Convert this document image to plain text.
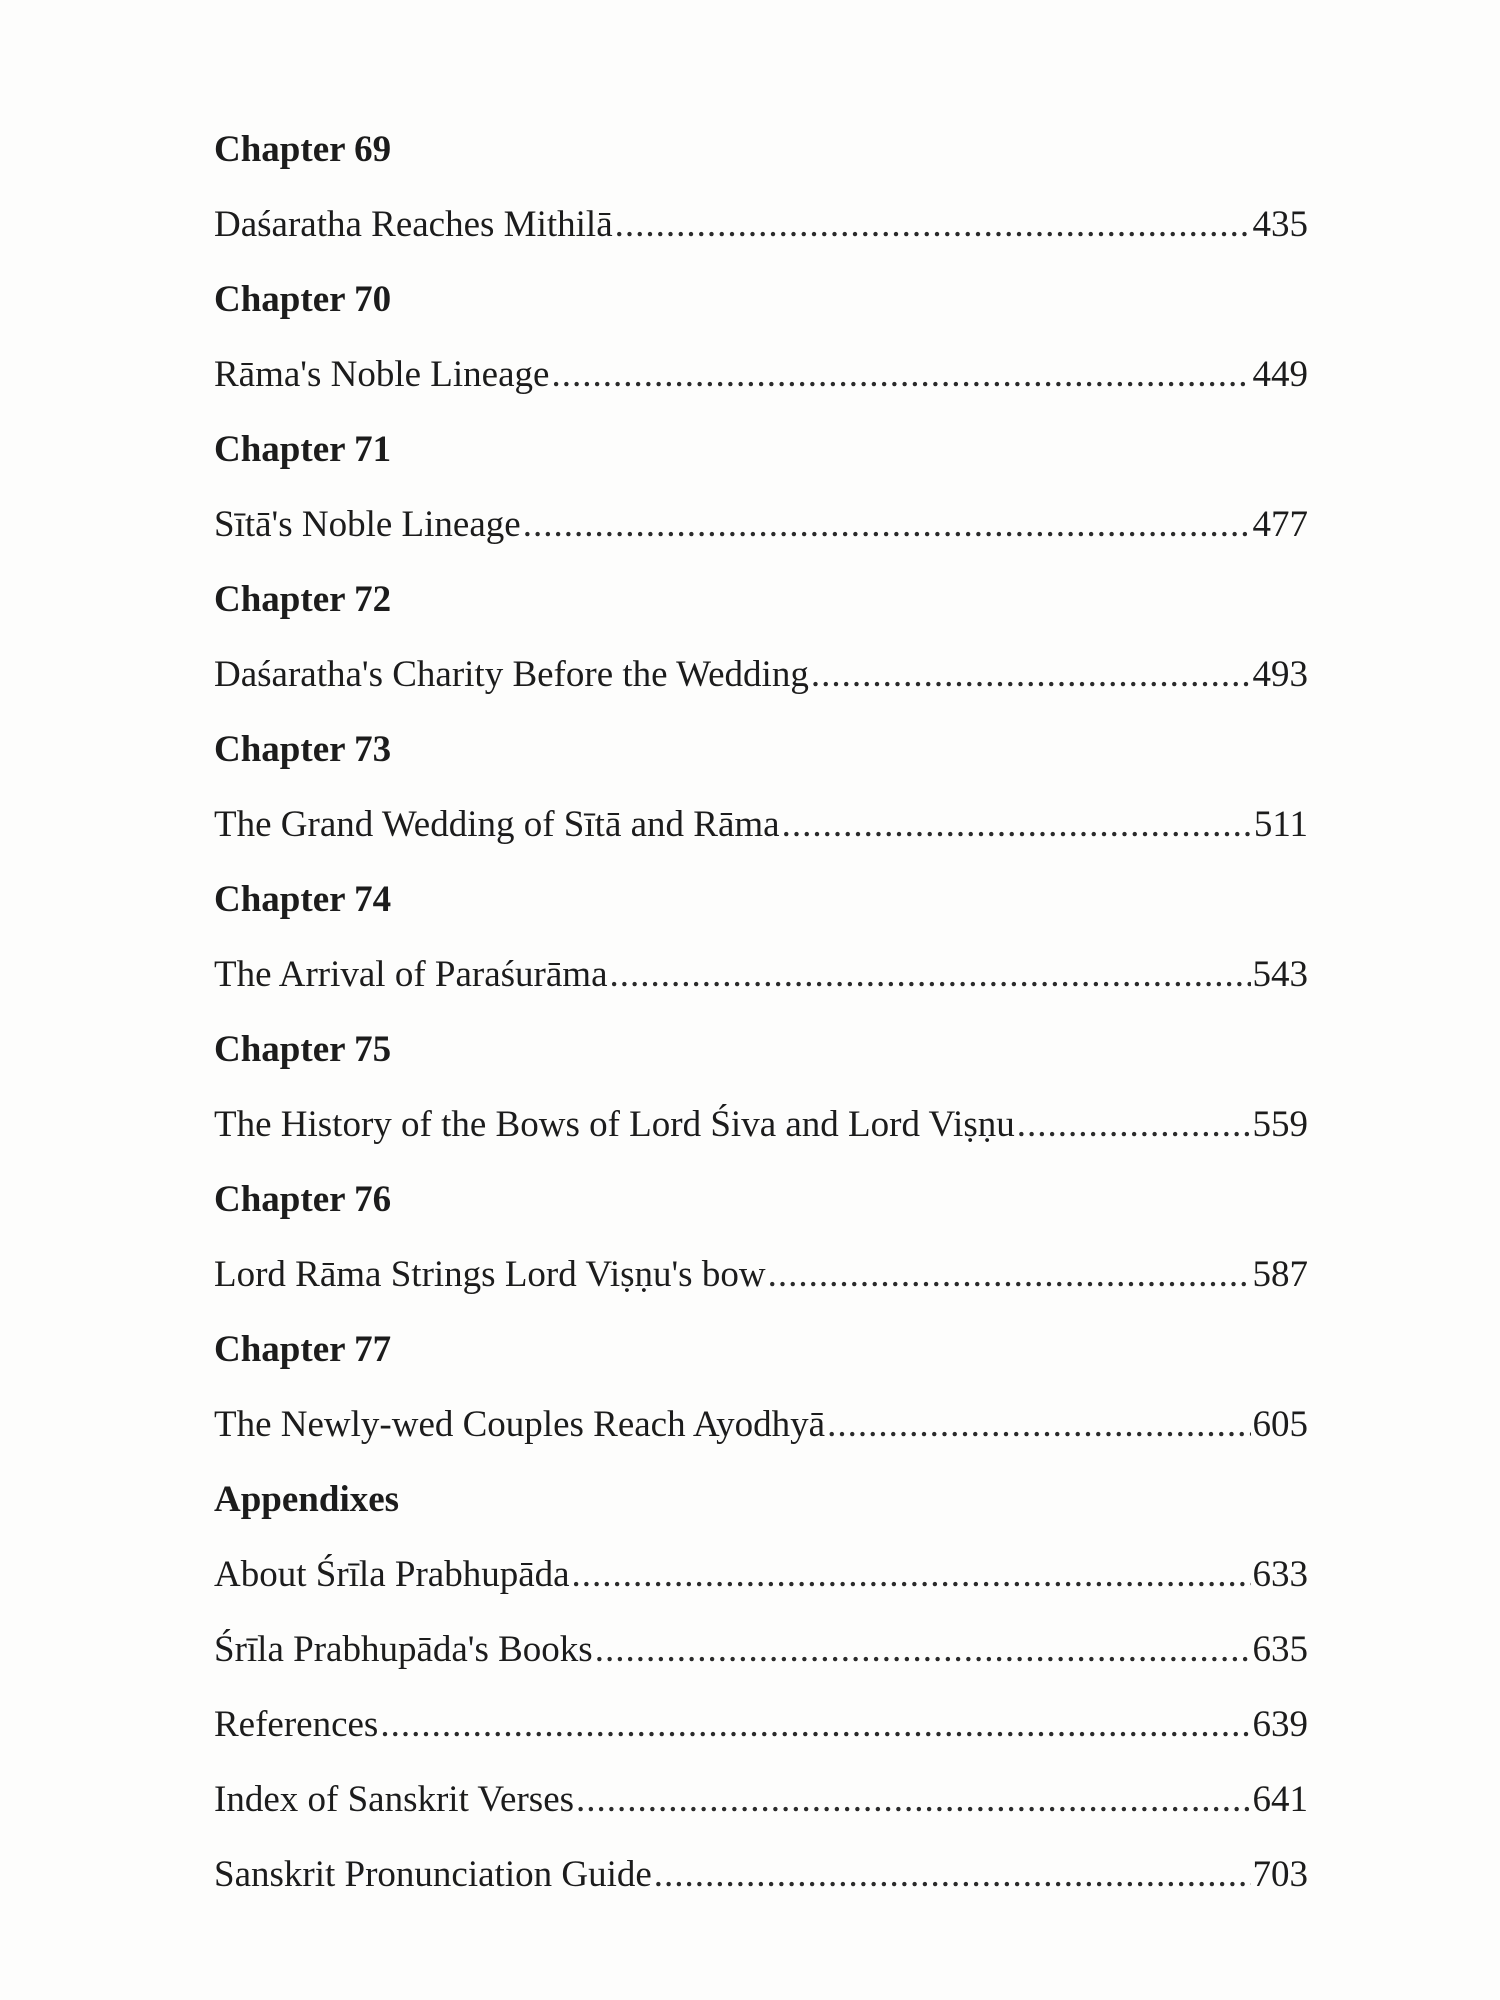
Chapter 69
Daśaratha Reaches Mithilā .....	435
Chapter 70
Rāma's Noble Lineage .....	449
Chapter 71
Sītā's Noble Lineage .....	477
Chapter 72
Daśaratha's Charity Before the Wedding .....	493
Chapter 73
The Grand Wedding of Sītā and Rāma .....	511
Chapter 74
The Arrival of Paraśurāma .....	543
Chapter 75
The History of the Bows of Lord Śiva and Lord Viṣṇu .....	559
Chapter 76
Lord Rāma Strings Lord Viṣṇu's bow .....	587
Chapter 77
The Newly-wed Couples Reach Ayodhyā .....	605
Appendixes
About Śrīla Prabhupāda .....	633
Śrīla Prabhupāda's Books .....	635
References .....	639
Index of Sanskrit Verses .....	641
Sanskrit Pronunciation Guide .....	703
